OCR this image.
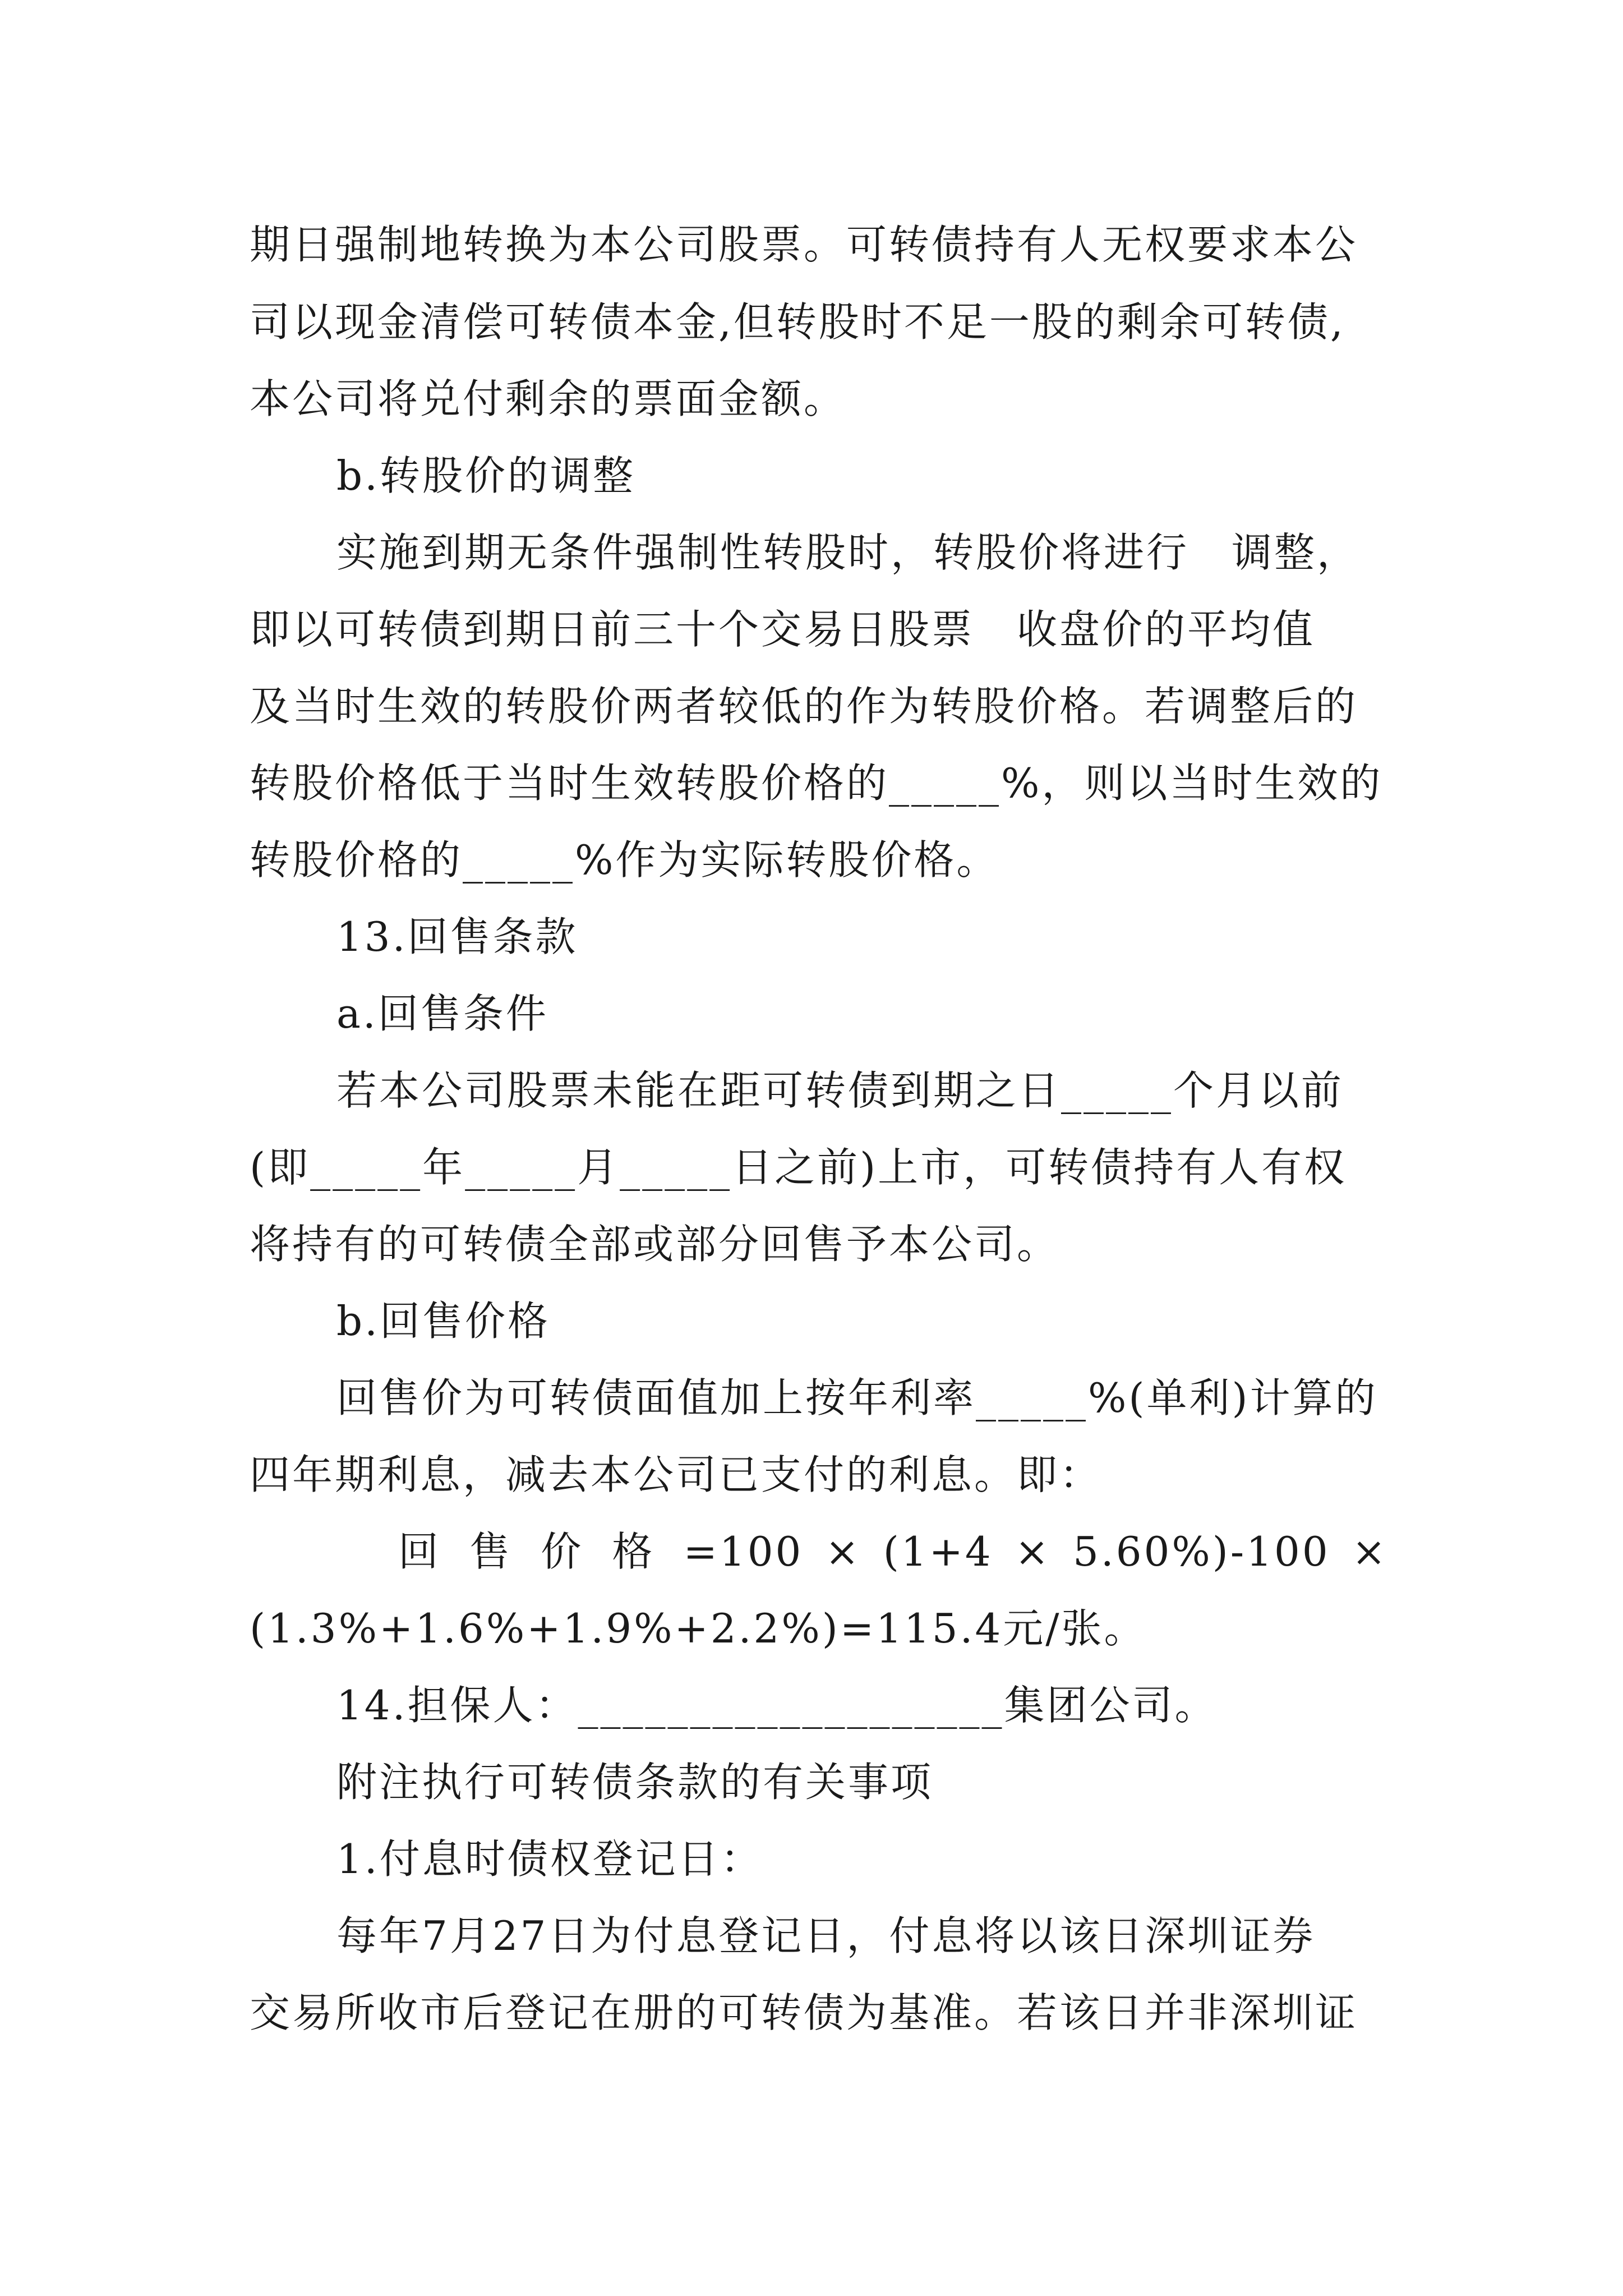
期日强制地转换为本公司股票。可转债持有人无权要求本公
司以现金清偿可转债本金,但转股时不足一股的剩余可转债,
本公司将兑付剩余的票面金额。
b.转股价的调整
实施到期无条件强制性转股时，转股价将进行　调整，
即以可转债到期日前三十个交易日股票　收盘价的平均值
及当时生效的转股价两者较低的作为转股价格。若调整后的
转股价格低于当时生效转股价格的_____%，则以当时生效的
转股价格的_____%作为实际转股价格。
13.回售条款
a.回售条件
若本公司股票未能在距可转债到期之日_____个月以前
(即_____年_____月_____日之前)上市，可转债持有人有权
将持有的可转债全部或部分回售予本公司。
b.回售价格
回售价为可转债面值加上按年利率_____%(单利)计算的
四年期利息，减去本公司已支付的利息。即：
回 售 价 格 =100 × (1+4 × 5.60%)-100 ×
(1.3%+1.6%+1.9%+2.2%)=115.4元/张。
14.担保人：___________________集团公司。
附注执行可转债条款的有关事项
1.付息时债权登记日：
每年7月27日为付息登记日，付息将以该日深圳证券
交易所收市后登记在册的可转债为基准。若该日并非深圳证
